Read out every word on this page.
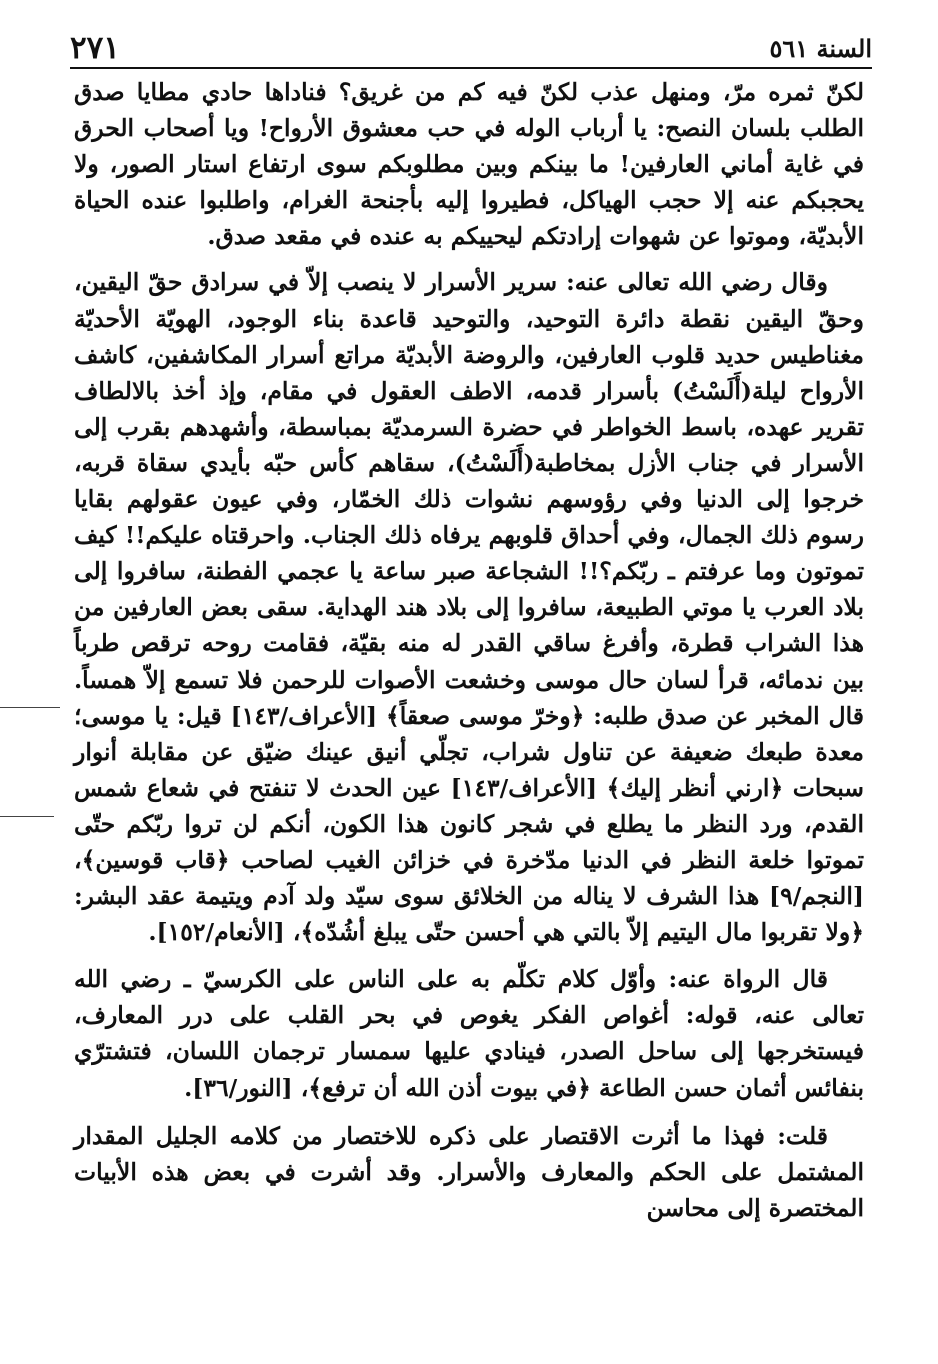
٢٧١	السنة ٥٦١

لكنّ ثمره مرّ، ومنهل عذب لكنّ فيه كم من غريق؟ فناداها حادي مطايا صدق الطلب بلسان النصح: يا أرباب الوله في حب معشوق الأرواح! ويا أصحاب الحرق في غاية أماني العارفين! ما بينكم وبين مطلوبكم سوى ارتفاع استار الصور، ولا يحجبكم عنه إلا حجب الهياكل، فطيروا إليه بأجنحة الغرام، واطلبوا عنده الحياة الأبديّة، وموتوا عن شهوات إرادتكم ليحييكم به عنده في مقعد صدق.

وقال رضي الله تعالى عنه: سرير الأسرار لا ينصب إلاّ في سرادق حقّ اليقين، وحقّ اليقين نقطة دائرة التوحيد، والتوحيد قاعدة بناء الوجود، الهويّة الأحديّة مغناطيس حديد قلوب العارفين، والروضة الأبديّة مراتع أسرار المكاشفين، كاشف الأرواح ليلة(أَلَسْتُ) بأسرار قدمه، الاطف العقول في مقام، وإذ أخذ بالالطاف تقرير عهده، باسط الخواطر في حضرة السرمديّة بمباسطة، وأشهدهم بقرب إلى الأسرار في جناب الأزل بمخاطبة(أَلَسْتُ)، سقاهم كأس حبّه بأيدي سقاة قربه، خرجوا إلى الدنيا وفي رؤوسهم نشوات ذلك الخمّار، وفي عيون عقولهم بقايا رسوم ذلك الجمال، وفي أحداق قلوبهم يرفاه ذلك الجناب. واحرقتاه عليكم!! كيف تموتون وما عرفتم ـ ربّكم؟!! الشجاعة صبر ساعة يا عجمي الفطنة، سافروا إلى بلاد العرب يا موتي الطبيعة، سافروا إلى بلاد هند الهداية. سقى بعض العارفين من هذا الشراب قطرة، وأفرغ ساقي القدر له منه بقيّة، فقامت روحه ترقص طرباً بين ندمائه، قرأ لسان حال موسى وخشعت الأصوات للرحمن فلا تسمع إلاّ همساً. قال المخبر عن صدق طلبه: ﴿وخرّ موسى صعقاً﴾ [الأعراف/١٤٣] قيل: يا موسى؛ معدة طبعك ضعيفة عن تناول شراب، تجلّي أنيق عينك ضيّق عن مقابلة أنوار سبحات ﴿ارني أنظر إليك﴾ [الأعراف/١٤٣] عين الحدث لا تنفتح في شعاع شمس القدم، ورد النظر ما يطلع في شجر كانون هذا الكون، أنكم لن تروا ربّكم حتّى تموتوا خلعة النظر في الدنيا مدّخرة في خزائن الغيب لصاحب ﴿قاب قوسين﴾، [النجم/٩] هذا الشرف لا يناله من الخلائق سوى سيّد ولد آدم ويتيمة عقد البشر: ﴿ولا تقربوا مال اليتيم إلاّ بالتي هي أحسن حتّى يبلغ أشُدّه﴾، [الأنعام/١٥٢].

قال الرواة عنه: وأوّل كلام تكلّم به على الناس على الكرسيّ ـ رضي الله تعالى عنه، قوله: أغواص الفكر يغوص في بحر القلب على درر المعارف، فيستخرجها إلى ساحل الصدر، فينادي عليها سمسار ترجمان اللسان، فتشترّي بنفائس أثمان حسن الطاعة ﴿في بيوت أذن الله أن ترفع﴾، [النور/٣٦].

قلت: فهذا ما أثرت الاقتصار على ذكره للاختصار من كلامه الجليل المقدار المشتمل على الحكم والمعارف والأسرار. وقد أشرت في بعض هذه الأبيات المختصرة إلى محاسن
